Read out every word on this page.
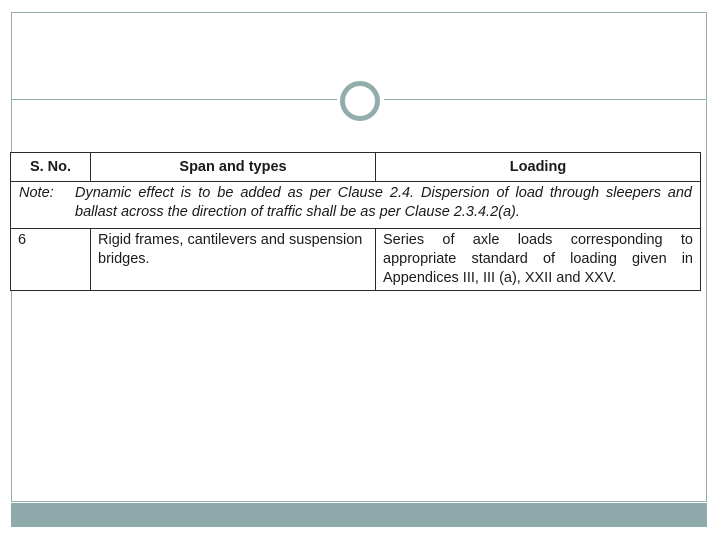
S. No.	Span and types	Loading

Note: Dynamic effect is to be added as per Clause 2.4. Dispersion of load through sleepers and ballast across the direction of traffic shall be as per Clause 2.3.4.2(a).		

6	Rigid frames, cantilevers and suspension bridges.	Series of axle loads corresponding to appropriate standard of loading given in Appendices III, III (a), XXII and XXV.
